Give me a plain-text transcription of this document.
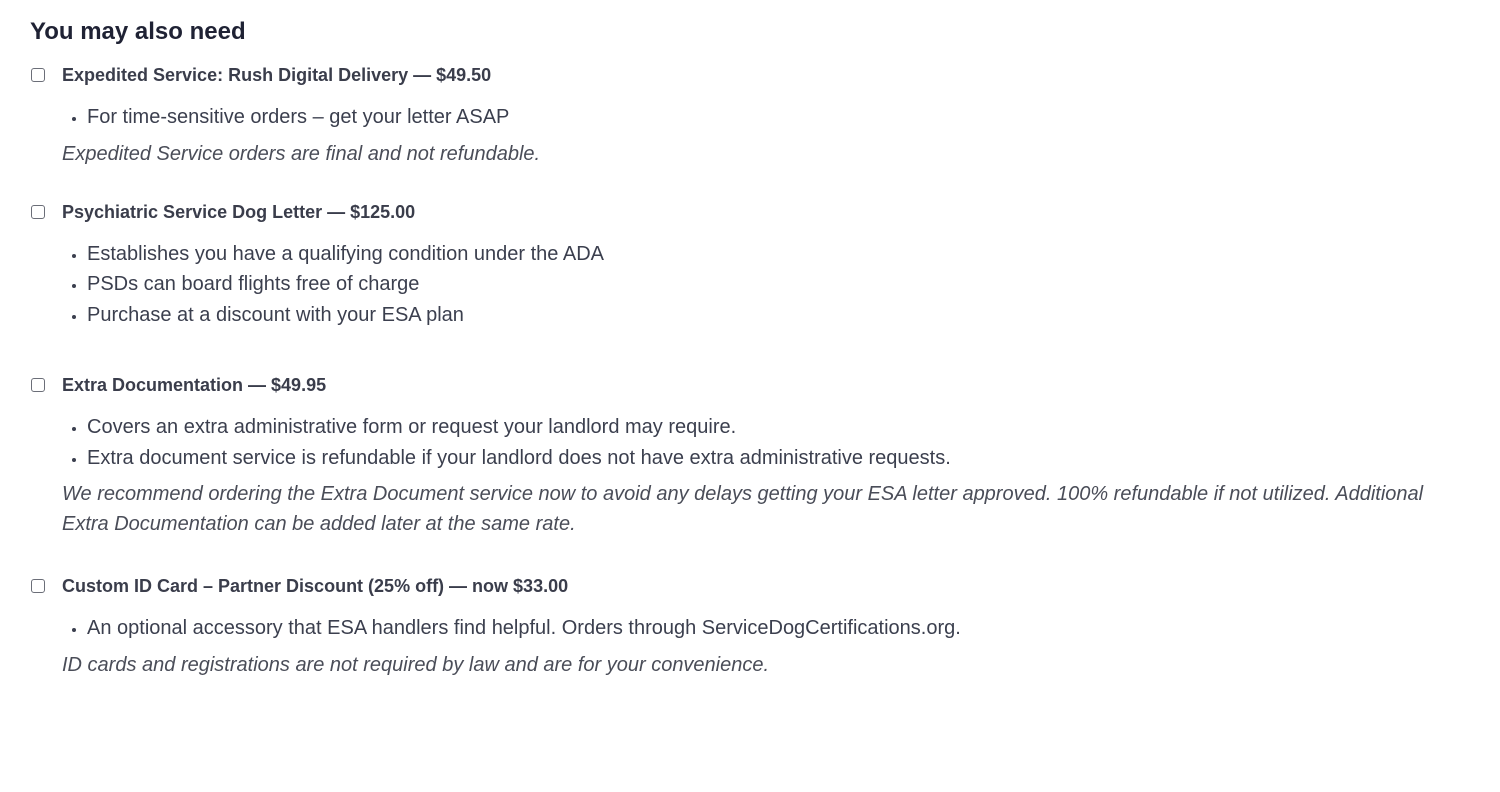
You may also need
Expedited Service: Rush Digital Delivery — $49.50
• For time-sensitive orders – get your letter ASAP

Expedited Service orders are final and not refundable.

Psychiatric Service Dog Letter — $125.00
• Establishes you have a qualifying condition under the ADA
• PSDs can board flights free of charge
• Purchase at a discount with your ESA plan
Extra Documentation — $49.95
• Covers an extra administrative form or request your landlord may require.
• Extra document service is refundable if your landlord does not have extra administrative requests.

We recommend ordering the Extra Document service now to avoid any delays getting your ESA letter approved. 100% refundable if not utilized. Additional Extra Documentation can be added later at the same rate.

Custom ID Card – Partner Discount (25% off) — now $33.00
• An optional accessory that ESA handlers find helpful. Orders through ServiceDogCertifications.org.

ID cards and registrations are not required by law and are for your convenience.
